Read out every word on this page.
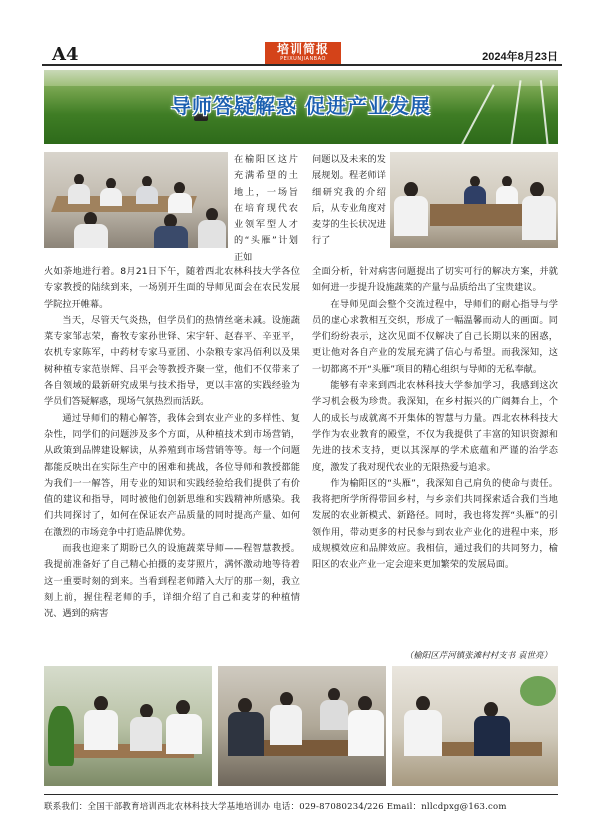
A4	培训简报
PEIXUNJIANBAO	2024年8月23日
导师答疑解惑 促进产业发展
在榆阳区这片充满希望的土地上，一场旨在培育现代农业领军型人才的“头雁”计划正如

火如荼地进行着。8月21日下午，随着西北农林科技大学各位专家教授的陆续到来，一场别开生面的导师见面会在农民发展学院拉开帷幕。

当天，尽管天气炎热，但学员们的热情丝毫未减。设施蔬菜专家邹志荣，畜牧专家孙世铎、宋宇轩、赵春平、辛亚平，农机专家陈军，中药材专家马亚团、小杂粮专家冯佰利以及果树种植专家范崇辉、吕平会等教授齐聚一堂，他们不仅带来了各自领域的最新研究成果与技术指导，更以丰富的实践经验为学员们答疑解惑，现场气氛热烈而活跃。

通过导师们的精心解答，我体会到农业产业的多样性、复杂性，同学们的问题涉及多个方面，从种植技术到市场营销，从政策到品牌建设解读，从养殖到市场营销等等。每一个问题都能反映出在实际生产中的困难和挑战，各位导师和教授都能为我们一一解答，用专业的知识和实践经验给我们提供了有价值的建议和指导，同时被他们创新思维和实践精神所感染。我们共同探讨了，如何在保证农产品质量的同时提高产量、如何在激烈的市场竞争中打造品牌优势。

而我也迎来了期盼已久的设施蔬菜导师——程智慧教授。我提前准备好了自己精心拍摄的麦芽照片，满怀激动地等待着这一重要时刻的到来。当看到程老师踏入大厅的那一刻，我立刻上前，握住程老师的手，详细介绍了自己和麦芽的种植情况、遇到的病害

问题以及未来的发展规划。程老师详细研究我的介绍后，从专业角度对麦芽的生长状况进行了

全面分析，针对病害问题提出了切实可行的解决方案，并就如何进一步提升设施蔬菜的产量与品质给出了宝贵建议。

在导师见面会整个交流过程中，导师们的耐心指导与学员的虚心求教相互交织，形成了一幅温馨而动人的画面。同学们纷纷表示，这次见面不仅解决了自己长期以来的困惑，更让他对各自产业的发展充满了信心与希望。而我深知，这一切都离不开“头雁”项目的精心组织与导师的无私奉献。

能够有幸来到西北农林科技大学参加学习，我感到这次学习机会极为珍贵。我深知，在乡村振兴的广阔舞台上，个人的成长与成就离不开集体的智慧与力量。西北农林科技大学作为农业教育的殿堂，不仅为我提供了丰富的知识资源和先进的技术支持，更以其深厚的学术底蕴和严谨的治学态度，激发了我对现代农业的无限热爱与追求。

作为榆阳区的“头雁”，我深知自己肩负的使命与责任。我将把所学所得带回乡村，与乡亲们共同探索适合我们当地发展的农业新模式、新路径。同时，我也将发挥“头雁”的引领作用，带动更多的村民参与到农业产业化的进程中来，形成规模效应和品牌效应。我相信，通过我们的共同努力，榆阳区的农业产业一定会迎来更加繁荣的发展局面。

（榆阳区芹河镇张滩村村支书 袁世亮）
联系我们：全国干部教育培训西北农林科技大学基地培训办 电话：029-87080234/226 Email：nllcdpxg@163.com
